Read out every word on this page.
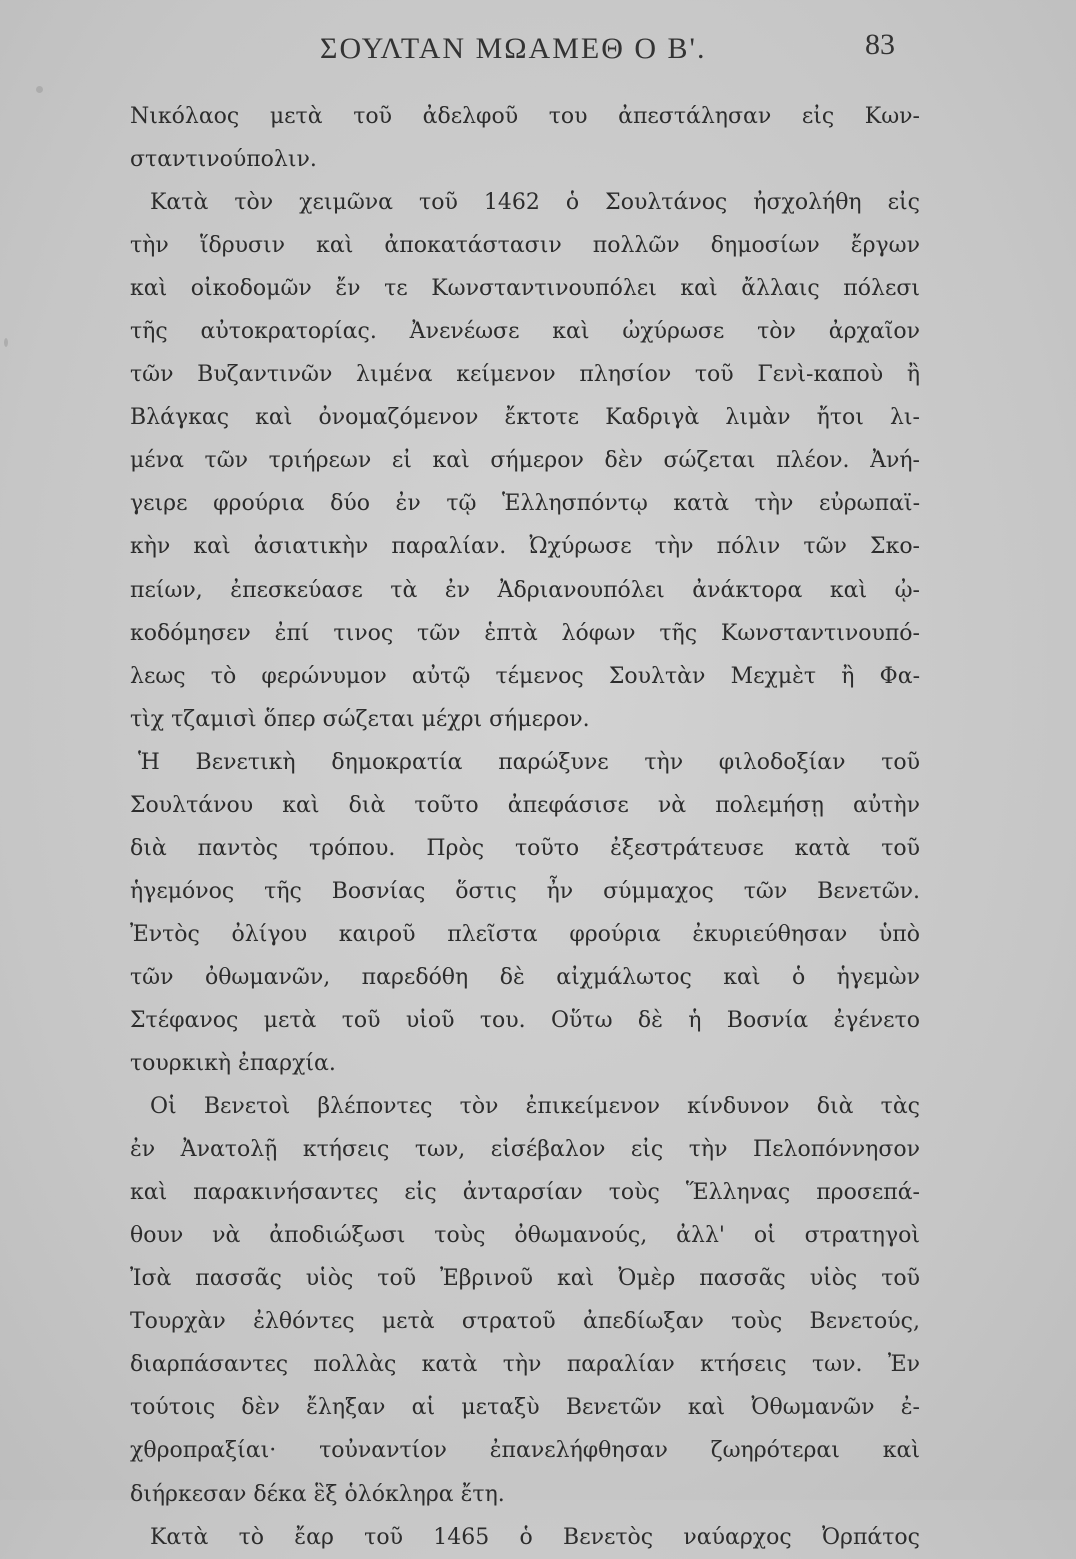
ΣΟΥΛΤΑΝ ΜΩΑΜΕΘ Ο Β'.	83
Νικόλαος μετὰ τοῦ ἀδελφοῦ του ἀπεστάλησαν εἰς Κων-
σταντινούπολιν.
Κατὰ τὸν χειμῶνα τοῦ 1462 ὁ Σουλτάνος ἠσχολήθη εἰς
τὴν ἵδρυσιν καὶ ἀποκατάστασιν πολλῶν δημοσίων ἔργων
καὶ οἰκοδομῶν ἔν τε Κωνσταντινουπόλει καὶ ἄλλαις πόλεσι
τῆς αὐτοκρατορίας. Ἀνενέωσε καὶ ὠχύρωσε τὸν ἀρχαῖον
τῶν Βυζαντινῶν λιμένα κείμενον πλησίον τοῦ Γενὶ-καποὺ ἢ
Βλάγκας καὶ ὀνομαζόμενον ἔκτοτε Καδριγὰ λιμὰν ἤτοι λι-
μένα τῶν τριήρεων εἰ καὶ σήμερον δὲν σώζεται πλέον. Ἀνή-
γειρε φρούρια δύο ἐν τῷ Ἑλλησπόντῳ κατὰ τὴν εὐρωπαϊ-
κὴν καὶ ἀσιατικὴν παραλίαν. Ὠχύρωσε τὴν πόλιν τῶν Σκο-
πείων, ἐπεσκεύασε τὰ ἐν Ἀδριανουπόλει ἀνάκτορα καὶ ᾠ-
κοδόμησεν ἐπί τινος τῶν ἑπτὰ λόφων τῆς Κωνσταντινουπό-
λεως τὸ φερώνυμον αὐτῷ τέμενος Σουλτὰν Μεχμὲτ ἢ Φα-
τὶχ τζαμισὶ ὅπερ σώζεται μέχρι σήμερον.
Ἡ Βενετικὴ δημοκρατία παρώξυνε τὴν φιλοδοξίαν τοῦ
Σουλτάνου καὶ διὰ τοῦτο ἀπεφάσισε νὰ πολεμήσῃ αὐτὴν
διὰ παντὸς τρόπου. Πρὸς τοῦτο ἐξεστράτευσε κατὰ τοῦ
ἡγεμόνος τῆς Βοσνίας ὅστις ἦν σύμμαχος τῶν Βενετῶν.
Ἐντὸς ὀλίγου καιροῦ πλεῖστα φρούρια ἐκυριεύθησαν ὑπὸ
τῶν ὀθωμανῶν, παρεδόθη δὲ αἰχμάλωτος καὶ ὁ ἡγεμὼν
Στέφανος μετὰ τοῦ υἱοῦ του. Οὕτω δὲ ἡ Βοσνία ἐγένετο
τουρκικὴ ἐπαρχία.
Οἱ Βενετοὶ βλέποντες τὸν ἐπικείμενον κίνδυνον διὰ τὰς
ἐν Ἀνατολῇ κτήσεις των, εἰσέβαλον εἰς τὴν Πελοπόννησον
καὶ παρακινήσαντες εἰς ἀνταρσίαν τοὺς Ἕλληνας προσεπά-
θουν νὰ ἀποδιώξωσι τοὺς ὀθωμανούς, ἀλλ' οἱ στρατηγοὶ
Ἰσὰ πασσᾶς υἱὸς τοῦ Ἐβρινοῦ καὶ Ὀμὲρ πασσᾶς υἱὸς τοῦ
Τουρχὰν ἐλθόντες μετὰ στρατοῦ ἀπεδίωξαν τοὺς Βενετούς,
διαρπάσαντες πολλὰς κατὰ τὴν παραλίαν κτήσεις των. Ἐν
τούτοις δὲν ἔληξαν αἱ μεταξὺ Βενετῶν καὶ Ὀθωμανῶν ἐ-
χθροπραξίαι· τοὐναντίον ἐπανελήφθησαν ζωηρότεραι καὶ
διήρκεσαν δέκα ἓξ ὁλόκληρα ἔτη.
Κατὰ τὸ ἔαρ τοῦ 1465 ὁ Βενετὸς ναύαρχος Ὀρπάτος
